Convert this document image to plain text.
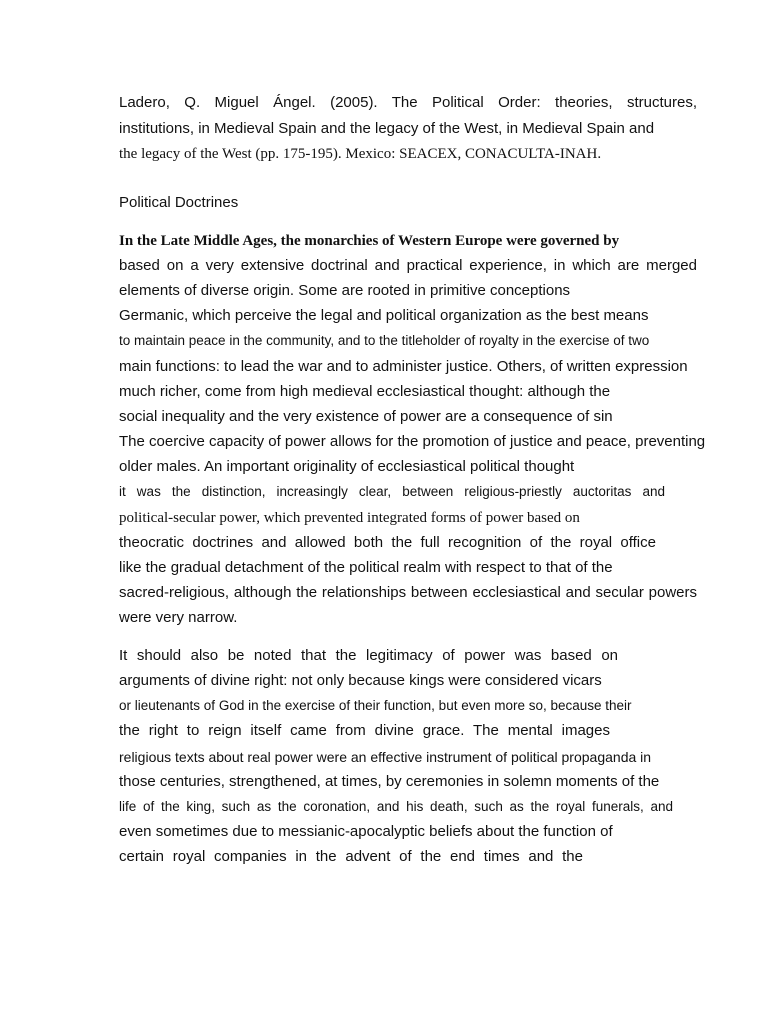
Ladero, Q. Miguel Ángel. (2005). The Political Order: theories, structures,
institutions, in Medieval Spain and the legacy of the West, in Medieval Spain and
the legacy of the West (pp. 175-195). Mexico: SEACEX, CONACULTA-INAH.
Political Doctrines
In the Late Middle Ages, the monarchies of Western Europe were governed by
based on a very extensive doctrinal and practical experience, in which are merged
elements of diverse origin. Some are rooted in primitive conceptions
Germanic, which perceive the legal and political organization as the best means
to maintain peace in the community, and to the titleholder of royalty in the exercise of two
main functions: to lead the war and to administer justice. Others, of written expression
much richer, come from high medieval ecclesiastical thought: although the
social inequality and the very existence of power are a consequence of sin
The coercive capacity of power allows for the promotion of justice and peace, preventing
older males. An important originality of ecclesiastical political thought
it was the distinction, increasingly clear, between religious-priestly auctoritas and
political-secular power, which prevented integrated forms of power based on
theocratic doctrines and allowed both the full recognition of the royal office
like the gradual detachment of the political realm with respect to that of the
sacred-religious, although the relationships between ecclesiastical and secular powers
were very narrow.
It should also be noted that the legitimacy of power was based on
arguments of divine right: not only because kings were considered vicars
or lieutenants of God in the exercise of their function, but even more so, because their
the right to reign itself came from divine grace. The mental images
religious texts about real power were an effective instrument of political propaganda in
those centuries, strengthened, at times, by ceremonies in solemn moments of the
life of the king, such as the coronation, and his death, such as the royal funerals, and
even sometimes due to messianic-apocalyptic beliefs about the function of
certain royal companies in the advent of the end times and the
